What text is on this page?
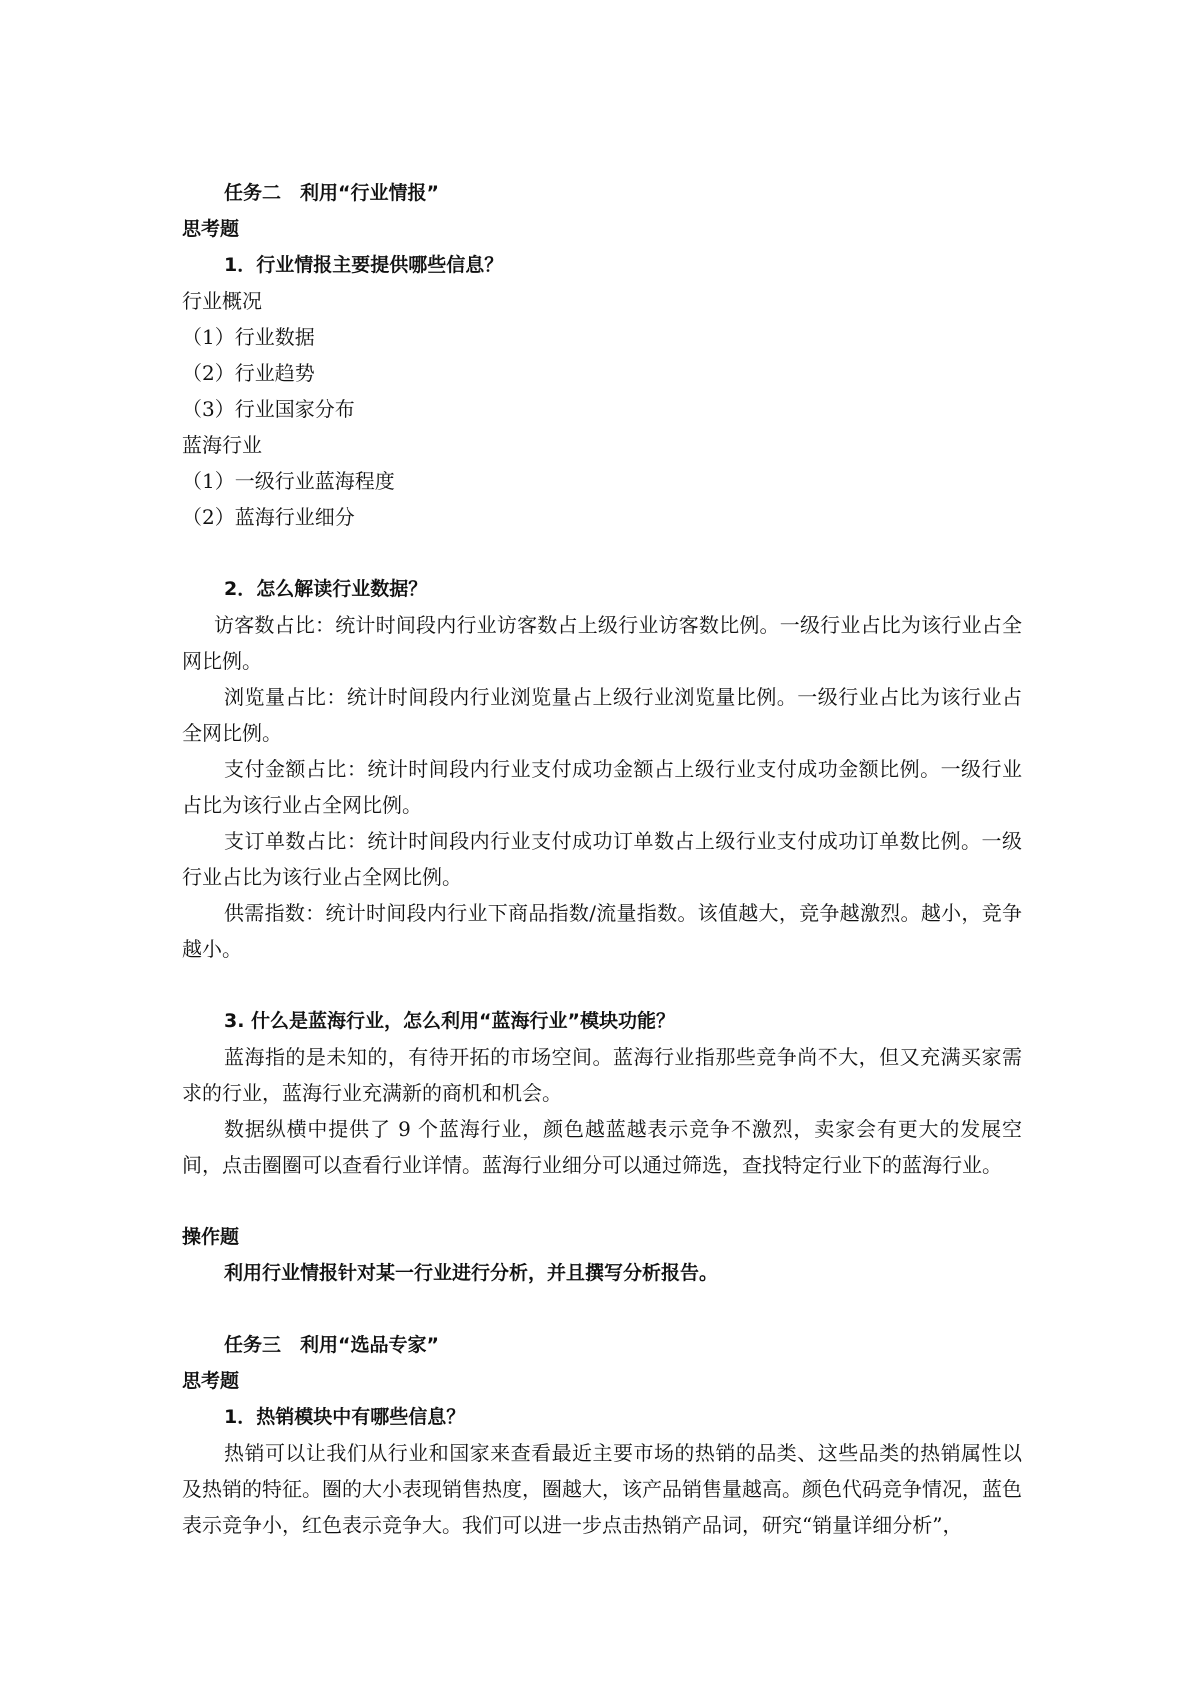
任务二　利用“行业情报”
思考题
1．行业情报主要提供哪些信息？
行业概况
（1）行业数据
（2）行业趋势
（3）行业国家分布
蓝海行业
（1）一级行业蓝海程度
（2）蓝海行业细分
2．怎么解读行业数据？
访客数占比：统计时间段内行业访客数占上级行业访客数比例。一级行业占比为该行业占全网比例。
浏览量占比：统计时间段内行业浏览量占上级行业浏览量比例。一级行业占比为该行业占全网比例。
支付金额占比：统计时间段内行业支付成功金额占上级行业支付成功金额比例。一级行业占比为该行业占全网比例。
支订单数占比：统计时间段内行业支付成功订单数占上级行业支付成功订单数比例。一级行业占比为该行业占全网比例。
供需指数：统计时间段内行业下商品指数/流量指数。该值越大，竞争越激烈。越小，竞争越小。
3. 什么是蓝海行业，怎么利用“蓝海行业”模块功能？
蓝海指的是未知的，有待开拓的市场空间。蓝海行业指那些竞争尚不大，但又充满买家需求的行业，蓝海行业充满新的商机和机会。
数据纵横中提供了 9 个蓝海行业，颜色越蓝越表示竞争不激烈，卖家会有更大的发展空间，点击圈圈可以查看行业详情。蓝海行业细分可以通过筛选，查找特定行业下的蓝海行业。
操作题
利用行业情报针对某一行业进行分析，并且撰写分析报告。
任务三　利用“选品专家”
思考题
1．热销模块中有哪些信息？
热销可以让我们从行业和国家来查看最近主要市场的热销的品类、这些品类的热销属性以及热销的特征。圈的大小表现销售热度，圈越大，该产品销售量越高。颜色代码竞争情况，蓝色表示竞争小，红色表示竞争大。我们可以进一步点击热销产品词，研究“销量详细分析”，
